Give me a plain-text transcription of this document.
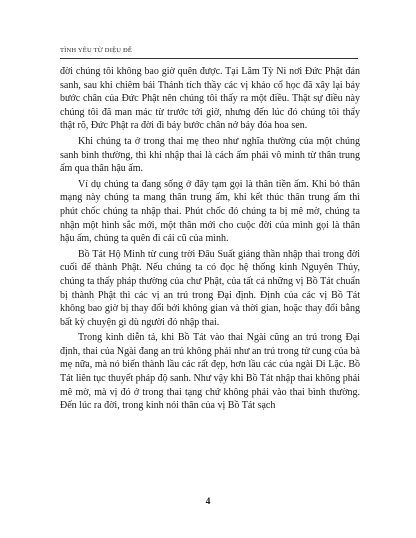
TÌNH YÊU TỪ DIỆU ĐẾ

đời chúng tôi không bao giờ quên được. Tại Lâm Tỳ Ni nơi Đức Phật đản sanh, sau khi chiêm bái Thánh tích thầy các vị khảo cổ học đã xây lại bảy bước chân của Đức Phật nên chúng tôi thấy ra một điều. Thật sự điều này chúng tôi đã man mác từ trước tới giờ, nhưng đến lúc đó chúng tôi thấy thật rõ, Đức Phật ra đời đi bảy bước chân nở bảy đóa hoa sen.

Khi chúng ta ở trong thai mẹ theo như nghĩa thường của một chúng sanh bình thường, thì khi nhập thai là cách ấm phải vô minh từ thân trung ấm qua thân hậu ấm.

Ví dụ chúng ta đang sống ở đây tạm gọi là thân tiền ấm. Khi bỏ thân mạng này chúng ta mang thân trung ấm, khi kết thúc thân trung ấm thì phút chốc chúng ta nhập thai. Phút chốc đó chúng ta bị mê mờ, chúng ta nhận một hình sắc mới, một thân mới cho cuộc đời của mình gọi là thân hậu ấm, chúng ta quên đi cái cũ của mình.

Bồ Tát Hộ Minh từ cung trời Đâu Suất giáng thần nhập thai trong đời cuối để thành Phật. Nếu chúng ta có đọc hệ thống kinh Nguyên Thủy, chúng ta thấy pháp thường của chư Phật, của tất cả những vị Bồ Tát chuẩn bị thành Phật thì các vị an trú trong Đại định. Định của các vị Bồ Tát không bao giờ bị thay đổi bởi không gian và thời gian, hoặc thay đổi bằng bất kỳ chuyện gì dù người đó nhập thai.

Trong kinh diễn tả, khi Bồ Tát vào thai Ngài cũng an trú trong Đại định, thai của Ngài đang an trú không phải như an trú trong tử cung của bà mẹ nữa, mà nó biến thành lầu các rất đẹp, hơn lầu các của ngài Di Lặc. Bồ Tát liên tục thuyết pháp độ sanh. Như vậy khi Bồ Tát nhập thai không phải mê mờ, mà vị đó ở trong thai tạng chứ không phải vào thai bình thường. Đến lúc ra đời, trong kinh nói thân của vị Bồ Tát sạch

4
